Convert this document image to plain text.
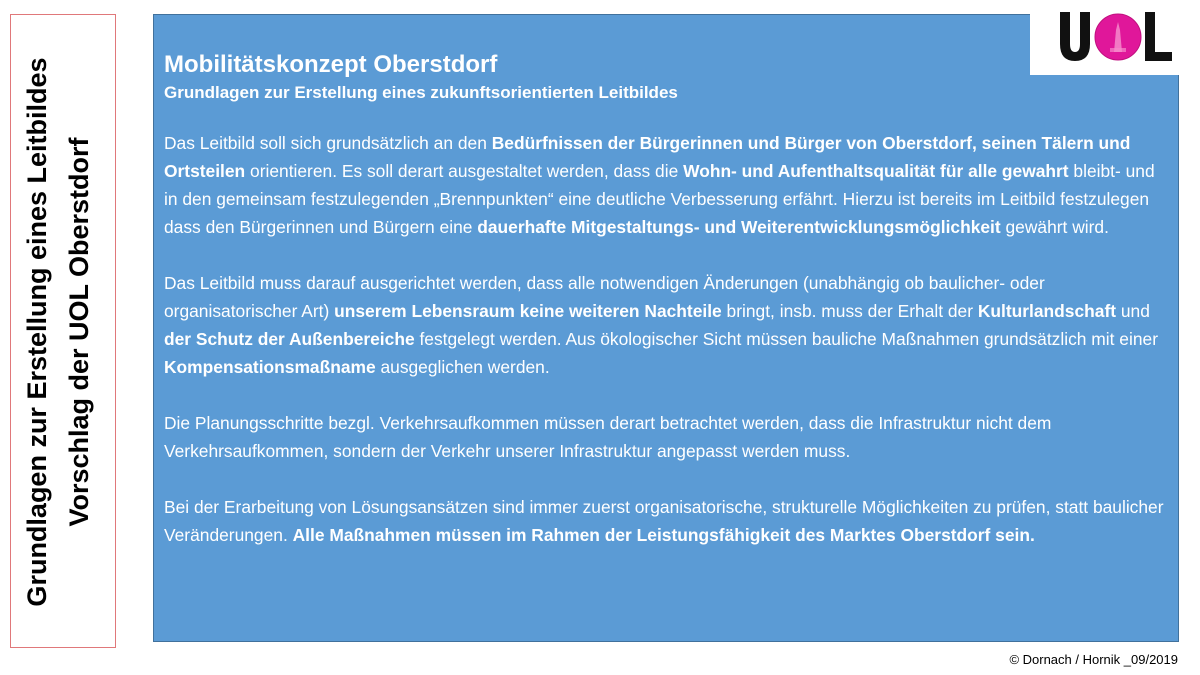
Grundlagen zur Erstellung eines Leitbildes Vorschlag der UOL Oberstdorf

Mobilitätskonzept Oberstdorf

Grundlagen zur Erstellung eines zukunftsorientierten Leitbildes

Das Leitbild soll sich grundsätzlich an den Bedürfnissen der Bürgerinnen und Bürger von Oberstdorf, seinen Tälern und Ortsteilen orientieren. Es soll derart ausgestaltet werden, dass die Wohn- und Aufenthaltsqualität für alle gewahrt bleibt- und in den gemeinsam festzulegenden „Brennpunkten“ eine deutliche Verbesserung erfährt. Hierzu ist bereits im Leitbild festzulegen dass den Bürgerinnen und Bürgern eine dauerhafte Mitgestaltungs- und Weiterentwicklungsmöglichkeit gewährt wird.

Das Leitbild muss darauf ausgerichtet werden, dass alle notwendigen Änderungen (unabhängig ob baulicher- oder organisatorischer Art) unserem Lebensraum keine weiteren Nachteile bringt, insb. muss der Erhalt der Kulturlandschaft und der Schutz der Außenbereiche festgelegt werden. Aus ökologischer Sicht müssen bauliche Maßnahmen grundsätzlich mit einer Kompensationsmaßname ausgeglichen werden.

Die Planungsschritte bezgl. Verkehrsaufkommen müssen derart betrachtet werden, dass die Infrastruktur nicht dem Verkehrsaufkommen, sondern der Verkehr unserer Infrastruktur angepasst werden muss.

Bei der Erarbeitung von Lösungsansätzen sind immer zuerst organisatorische, strukturelle Möglichkeiten zu prüfen, statt baulicher Veränderungen. Alle Maßnahmen müssen im Rahmen der Leistungsfähigkeit des Marktes Oberstdorf sein.

© Dornach / Hornik _09/2019
